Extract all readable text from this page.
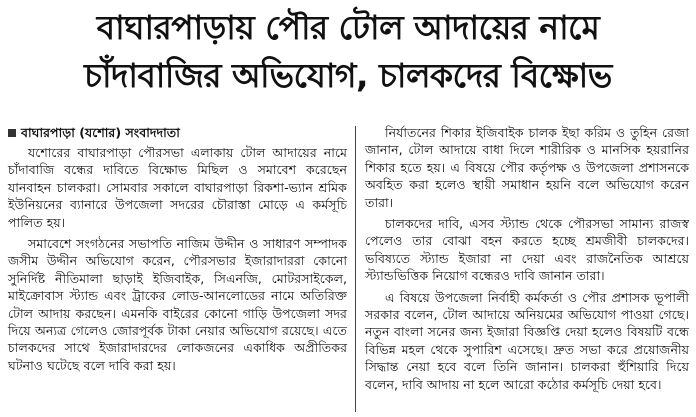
বাঘারপাড়ায় পৌর টোল আদায়ের নামে
চাঁদাবাজির অভিযোগ, চালকদের বিক্ষোভ
বাঘারপাড়া (যশোর) সংবাদদাতা

যশোরের বাঘারপাড়া পৌরসভা এলাকায় টোল আদায়ের নামে চাঁদাবাজি বন্ধের দাবিতে বিক্ষোভ মিছিল ও সমাবেশ করেছেন যানবাহন চালকরা। সোমবার সকালে বাঘারপাড়া রিকশা-ভ্যান শ্রমিক ইউনিয়নের ব্যানারে উপজেলা সদরের চৌরাস্তা মোড়ে এ কর্মসূচি পালিত হয়।

সমাবেশে সংগঠনের সভাপতি নাজিম উদ্দীন ও সাধারণ সম্পাদক জসীম উদ্দীন অভিযোগ করেন, পৌরসভার ইজারাদাররা কোনো সুনির্দিষ্ট নীতিমালা ছাড়াই ইজিবাইক, সিএনজি, মোটরসাইকেল, মাইক্রোবাস স্ট্যান্ড এবং ট্রাকের লোড-আনলোডের নামে অতিরিক্ত টোল আদায় করছেন। এমনকি বাইরের কোনো গাড়ি উপজেলা সদর দিয়ে অন্যত্র গেলেও জোরপূর্বক টাকা নেয়ার অভিযোগ রয়েছে। এতে চালকদের সাথে ইজারাদারদের লোকজনের একাধিক অপ্রীতিকর ঘটনাও ঘটেছে বলে দাবি করা হয়।

নির্যাতনের শিকার ইজিবাইক চালক ইছা করিম ও তুহিন রেজা জানান, টোল আদায়ে বাধা দিলে শারীরিক ও মানসিক হয়রানির শিকার হতে হয়। এ বিষয়ে পৌর কর্তৃপক্ষ ও উপজেলা প্রশাসনকে অবহিত করা হলেও স্থায়ী সমাধান হয়নি বলে অভিযোগ করেন তারা।

চালকদের দাবি, এসব স্ট্যান্ড থেকে পৌরসভা সামান্য রাজস্ব পেলেও তার বোঝা বহন করতে হচ্ছে শ্রমজীবী চালকদের। ভবিষ্যতে স্ট্যান্ড ইজারা না দেয়া এবং রাজনৈতিক আশ্রয়ে স্ট্যান্ডভিত্তিক নিয়োগ বন্ধেরও দাবি জানান তারা।

এ বিষয়ে উপজেলা নির্বাহী কর্মকর্তা ও পৌর প্রশাসক ভূপালী সরকার বলেন, টোল আদায়ে অনিয়মের অভিযোগ পাওয়া গেছে। নতুন বাংলা সনের জন্য ইজারা বিজ্ঞপ্তি দেয়া হলেও বিষয়টি বন্ধে বিভিন্ন মহল থেকে সুপারিশ এসেছে। দ্রুত সভা করে প্রয়োজনীয় সিদ্ধান্ত নেয়া হবে বলে তিনি জানান। চালকরা হুঁশিয়ারি দিয়ে বলেন, দাবি আদায় না হলে আরো কঠোর কর্মসূচি দেয়া হবে।
